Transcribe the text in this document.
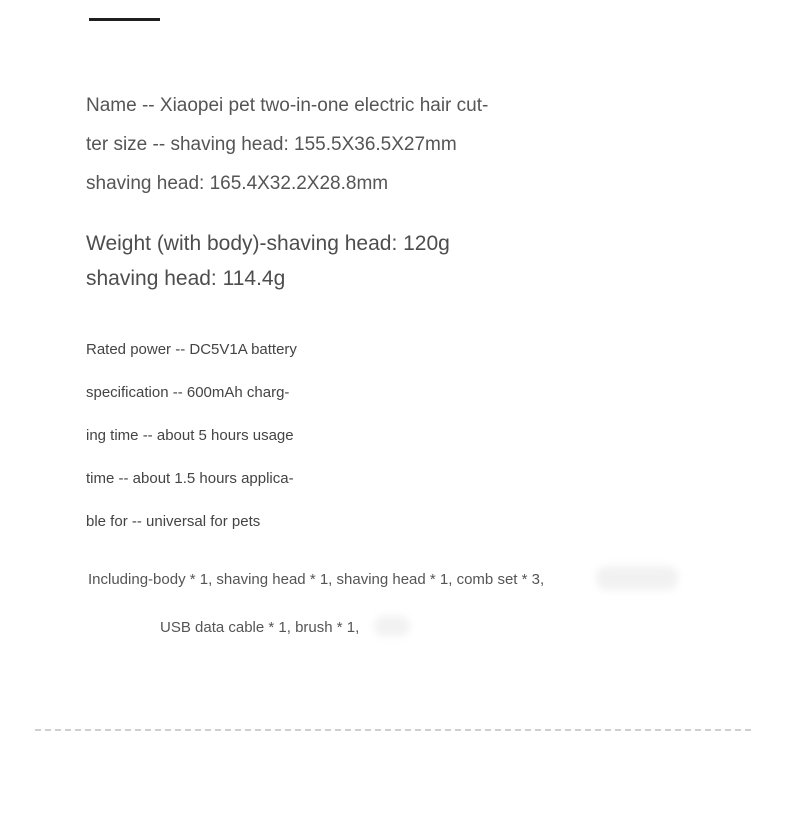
Name -- Xiaopei pet two-in-one electric hair cut-
ter size -- shaving head: 155.5X36.5X27mm
shaving head: 165.4X32.2X28.8mm
Weight (with body)-shaving head: 120g
shaving head: 114.4g
Rated power -- DC5V1A battery
specification -- 600mAh charg-
ing time -- about 5 hours usage
time -- about 1.5 hours applica-
ble for -- universal for pets
Including-body * 1, shaving head * 1, shaving head * 1, comb set * 3,
USB data cable * 1, brush * 1,
